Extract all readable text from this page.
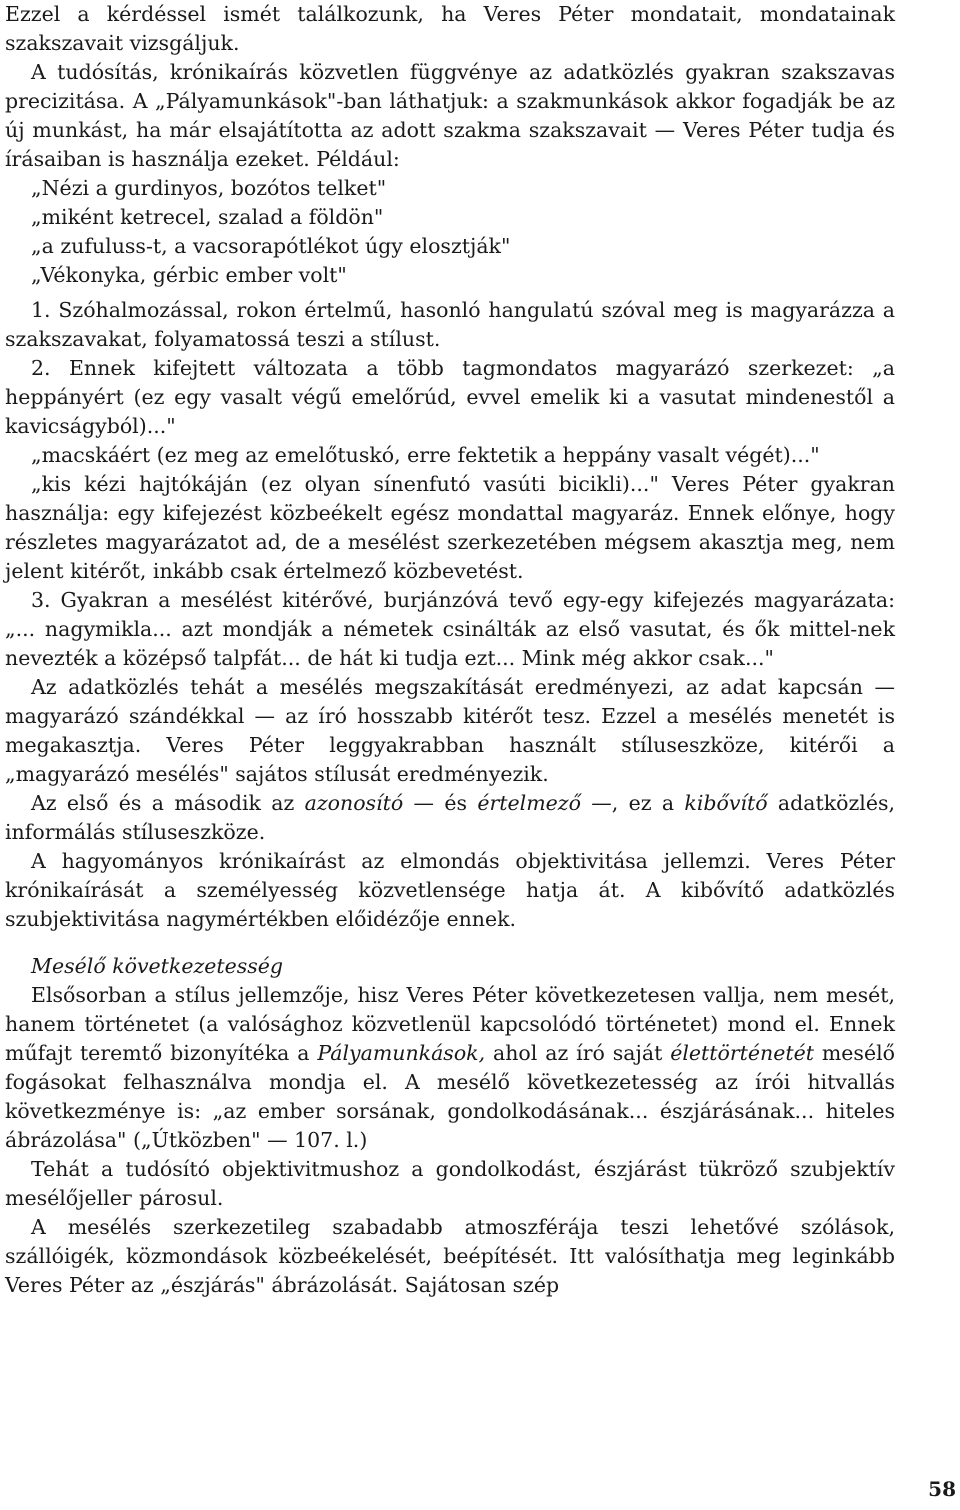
Ezzel a kérdéssel ismét találkozunk, ha Veres Péter mondatait, mondatainak szakszavait vizsgáljuk.

A tudósítás, krónikaírás közvetlen függvénye az adatközlés gyakran szakszavas precizitása. A „Pályamunkások"-ban láthatjuk: a szakmunkások akkor fogadják be az új munkást, ha már elsajátította az adott szakma szakszavait — Veres Péter tudja és írásaiban is használja ezeket. Például:

„Nézi a gurdinyos, bozótos telket"

„miként ketrecel, szalad a földön"

„a zufuluss-t, a vacsorapótlékot úgy elosztják"

„Vékonyka, gérbic ember volt"

1. Szóhalmozással, rokon értelmű, hasonló hangulatú szóval meg is magyarázza a szakszavakat, folyamatossá teszi a stílust.

2. Ennek kifejtett változata a több tagmondatos magyarázó szerkezet: „a heppányért (ez egy vasalt végű emelőrúd, evvel emelik ki a vasutat mindenestől a kavicságyból)..."

„macskáért (ez meg az emelőtuskó, erre fektetik a heppány vasalt végét)..."

„kis kézi hajtókáján (ez olyan sínenfutó vasúti bicikli)..." Veres Péter gyakran használja: egy kifejezést közbeékelt egész mondattal magyaráz. Ennek előnye, hogy részletes magyarázatot ad, de a mesélést szerkezetében mégsem akasztja meg, nem jelent kitérőt, inkább csak értelmező közbevetést.

3. Gyakran a mesélést kitérővé, burjánzóvá tevő egy-egy kifejezés magyarázata: „... nagymikla... azt mondják a németek csinálták az első vasutat, és ők mittel-nek nevezték a középső talpfát... de hát ki tudja ezt... Mink még akkor csak..."

Az adatközlés tehát a mesélés megszakítását eredményezi, az adat kapcsán — magyarázó szándékkal — az író hosszabb kitérőt tesz. Ezzel a mesélés menetét is megakasztja. Veres Péter leggyakrabban használt stíluseszköze, kitérői a „magyarázó mesélés" sajátos stílusát eredményezik.

Az első és a második az azonosító — és értelmező —, ez a kibővítő adatközlés, informálás stíluseszköze.

A hagyományos krónikaírást az elmondás objektivitása jellemzi. Veres Péter krónikaírását a személyesség közvetlensége hatja át. A kibővítő adatközlés szubjektivitása nagymértékben előidézője ennek.

Mesélő következetesség

Elsősorban a stílus jellemzője, hisz Veres Péter következetesen vallja, nem mesét, hanem történetet (a valósághoz közvetlenül kapcsolódó történetet) mond el. Ennek műfajt teremtő bizonyítéka a Pályamunkások, ahol az író saját élettörténetét mesélő fogásokat felhasználva mondja el. A mesélő következetesség az írói hitvallás következménye is: „az ember sorsának, gondolkodásának... észjárásának... hiteles ábrázolása" („Útközben" — 107. l.)

Tehát a tudósító objektivitmushoz a gondolkodást, észjárást tükröző szubjektív mesélőjellег párosul.

A mesélés szerkezetileg szabadabb atmoszférája teszi lehetővé szólások, szállóigék, közmondások közbeékelését, beépítését. Itt valósíthatja meg leginkább Veres Péter az „észjárás" ábrázolását. Sajátosan szép

58
